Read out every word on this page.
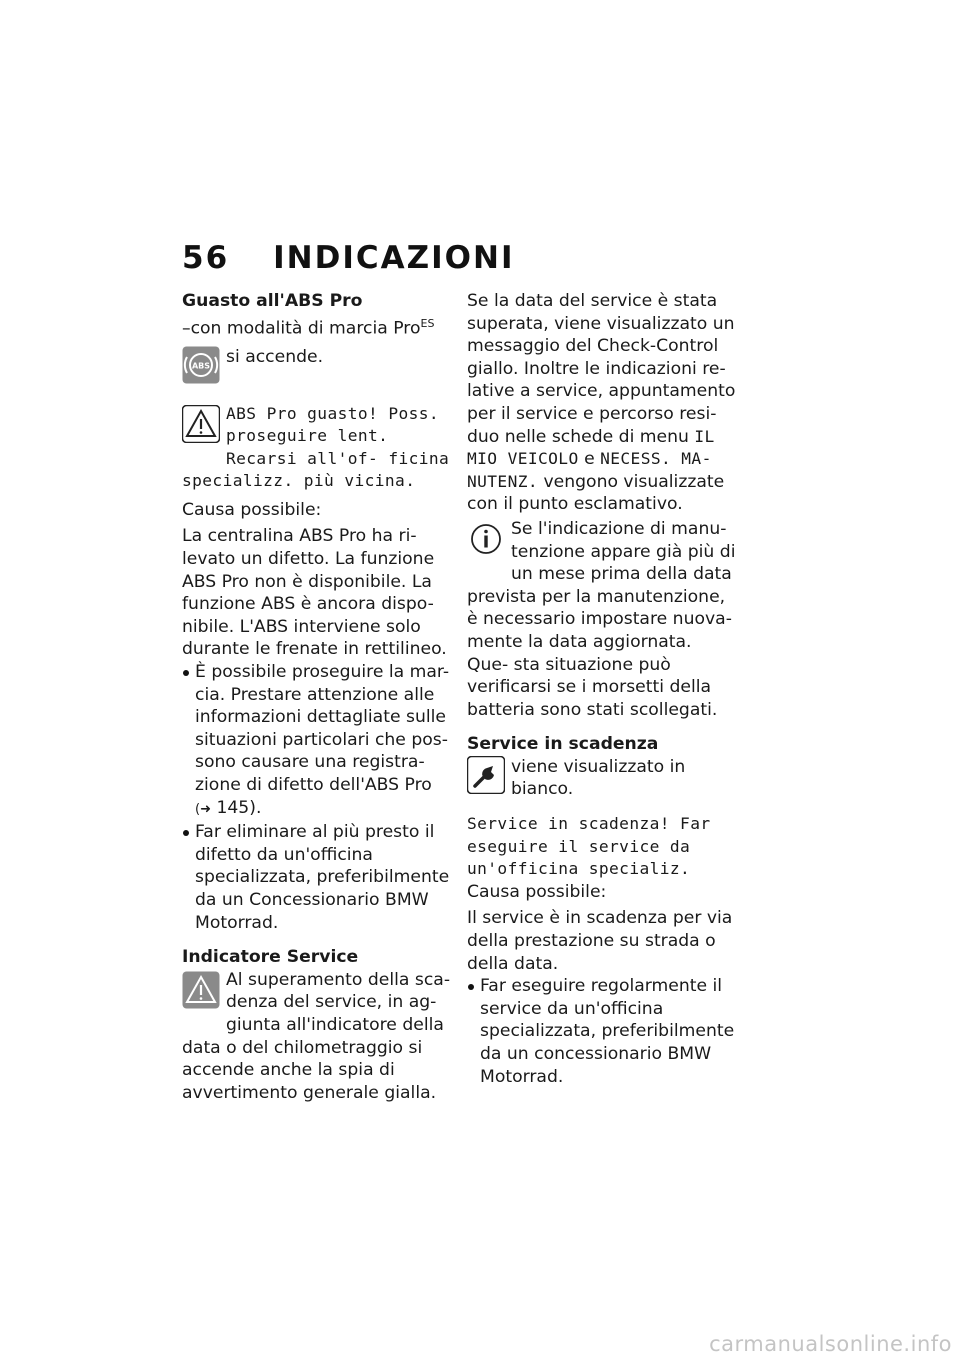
56 INDICAZIONI

Guasto all'ABS Pro

–con modalità di marcia Pro$^{ES}$

ABS si accende.
ABS Pro guasto! Poss. proseguire lent. Recarsi all'of- ficina specializz. più vicina.

Causa possibile:

La centralina ABS Pro ha ri- levato un difetto. La funzione ABS Pro non è disponibile. La funzione ABS è ancora dispo- nibile. L'ABS interviene solo durante le frenate in rettilineo.

È possibile proseguire la mar- cia. Prestare attenzione alle informazioni dettagliate sulle situazioni particolari che pos- sono causare una registra- zione di difetto dell'ABS Pro (➜ 145).
Far eliminare al più presto il difetto da un'officina specializzata, preferibilmente da un Concessionario BMW Motorrad.

Indicatore Service

Al superamento della sca- denza del service, in ag- giunta all'indicatore della data o del chilometraggio si accende anche la spia di avvertimento generale gialla.

Se la data del service è stata superata, viene visualizzato un messaggio del Check-Control giallo. Inoltre le indicazioni re- lative a service, appuntamento per il service e percorso resi- duo nelle schede di menu IL MIO VEICOLO e NECESS. MA- NUTENZ. vengono visualizzate con il punto esclamativo.

Se l'indicazione di manu- tenzione appare già più di un mese prima della data prevista per la manutenzione, è necessario impostare nuova- mente la data aggiornata. Que- sta situazione può verificarsi se i morsetti della batteria sono stati scollegati.

Service in scadenza

viene visualizzato in bianco.

Service in scadenza! Far eseguire il service da un'officina specializ.

Causa possibile:

Il service è in scadenza per via della prestazione su strada o della data.

Far eseguire regolarmente il service da un'officina specializzata, preferibilmente da un concessionario BMW Motorrad.
carmanualsonline.info
